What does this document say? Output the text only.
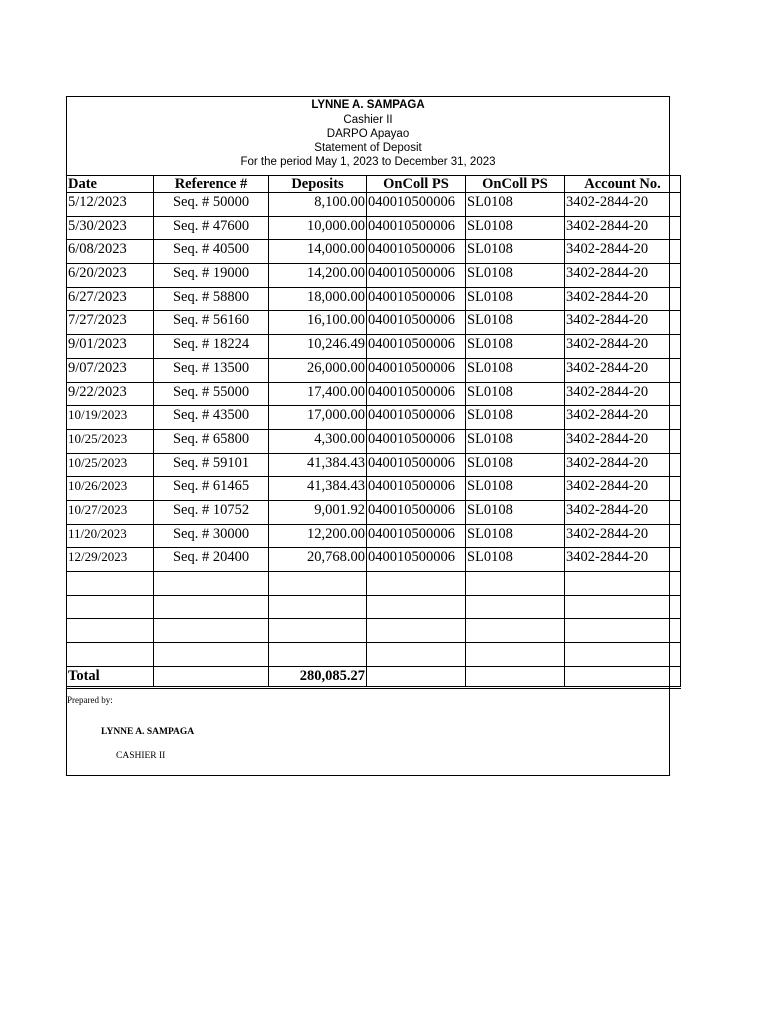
LYNNE A. SAMPAGA
Cashier II
DARPO Apayao
Statement of Deposit
For the period May 1, 2023 to December 31, 2023
Date	Reference #	Deposits	OnColl PS	OnColl PS	Account No.
5/12/2023	Seq. # 50000	8,100.00	040010500006	SL0108	3402-2844-20
5/30/2023	Seq. # 47600	10,000.00	040010500006	SL0108	3402-2844-20
6/08/2023	Seq. # 40500	14,000.00	040010500006	SL0108	3402-2844-20
6/20/2023	Seq. # 19000	14,200.00	040010500006	SL0108	3402-2844-20
6/27/2023	Seq. # 58800	18,000.00	040010500006	SL0108	3402-2844-20
7/27/2023	Seq. # 56160	16,100.00	040010500006	SL0108	3402-2844-20
9/01/2023	Seq. # 18224	10,246.49	040010500006	SL0108	3402-2844-20
9/07/2023	Seq. # 13500	26,000.00	040010500006	SL0108	3402-2844-20
9/22/2023	Seq. # 55000	17,400.00	040010500006	SL0108	3402-2844-20
10/19/2023	Seq. # 43500	17,000.00	040010500006	SL0108	3402-2844-20
10/25/2023	Seq. # 65800	4,300.00	040010500006	SL0108	3402-2844-20
10/25/2023	Seq. # 59101	41,384.43	040010500006	SL0108	3402-2844-20
10/26/2023	Seq. # 61465	41,384.43	040010500006	SL0108	3402-2844-20
10/27/2023	Seq. # 10752	9,001.92	040010500006	SL0108	3402-2844-20
11/20/2023	Seq. # 30000	12,200.00	040010500006	SL0108	3402-2844-20
12/29/2023	Seq. # 20400	20,768.00	040010500006	SL0108	3402-2844-20

Total		280,085.27			
Prepared by:
LYNNE A. SAMPAGA
CASHIER II
